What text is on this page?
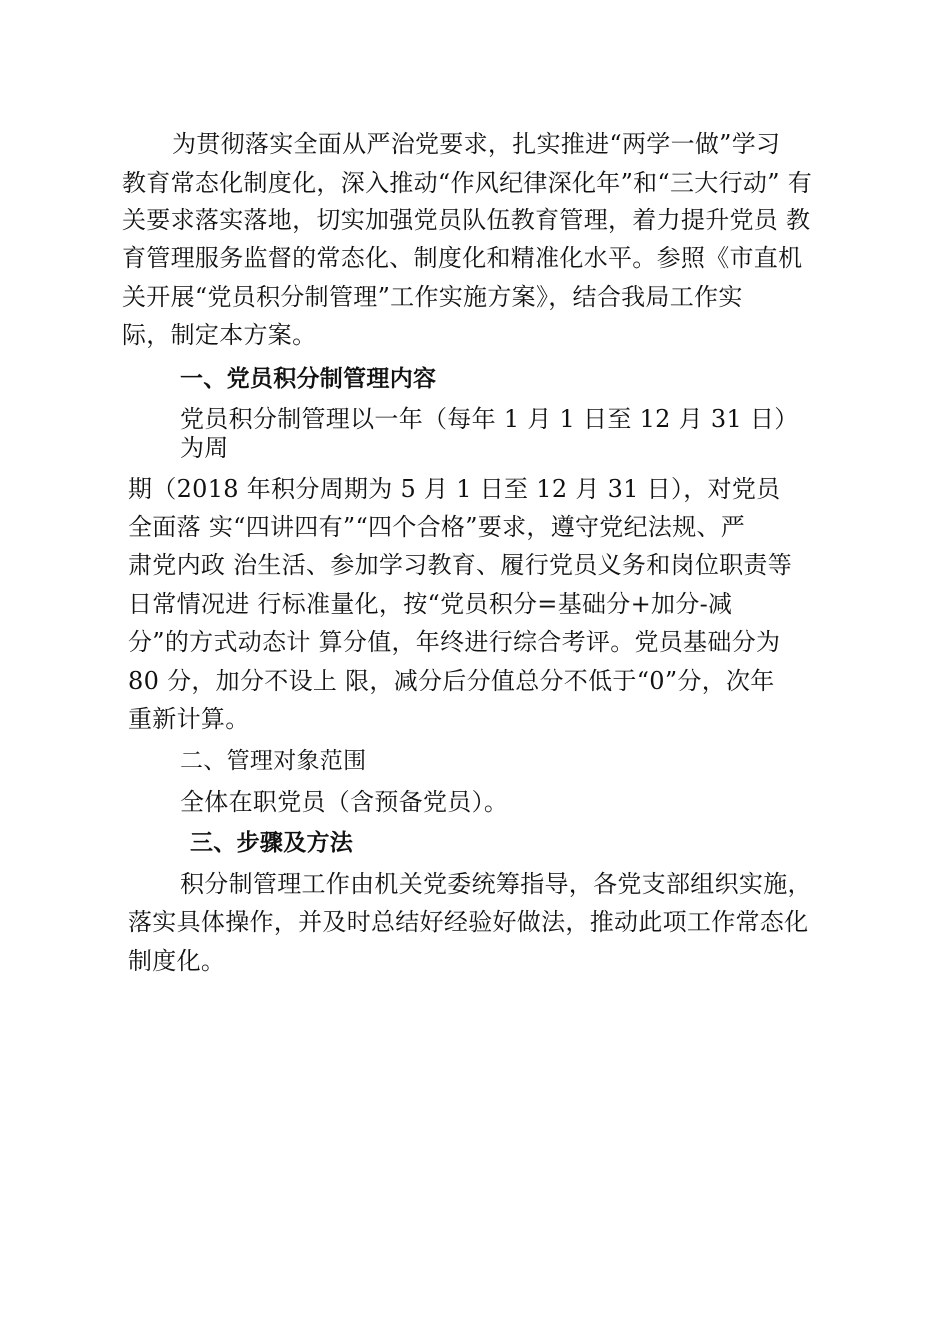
为贯彻落实全面从严治党要求，扎实推进“两学一做”学习

教育常态化制度化，深入推动“作风纪律深化年”和“三大行动” 有

关要求落实落地，切实加强党员队伍教育管理，着力提升党员 教

育管理服务监督的常态化、制度化和精准化水平。参照《市直机

关开展“党员积分制管理”工作实施方案》，结合我局工作实

际，制定本方案。

一、党员积分制管理内容

党员积分制管理以一年（每年 1 月 1 日至 12 月 31 日）

为周

期（2018 年积分周期为 5 月 1 日至 12 月 31 日），对党员

全面落 实“四讲四有”“四个合格”要求，遵守党纪法规、严

肃党内政 治生活、参加学习教育、履行党员义务和岗位职责等

日常情况进 行标准量化，按“党员积分=基础分+加分-减

分”的方式动态计 算分值，年终进行综合考评。党员基础分为

80 分，加分不设上 限，减分后分值总分不低于“0”分，次年

重新计算。

二、管理对象范围

全体在职党员（含预备党员）。

三、步骤及方法

积分制管理工作由机关党委统筹指导，各党支部组织实施，

落实具体操作，并及时总结好经验好做法，推动此项工作常态化

制度化。
